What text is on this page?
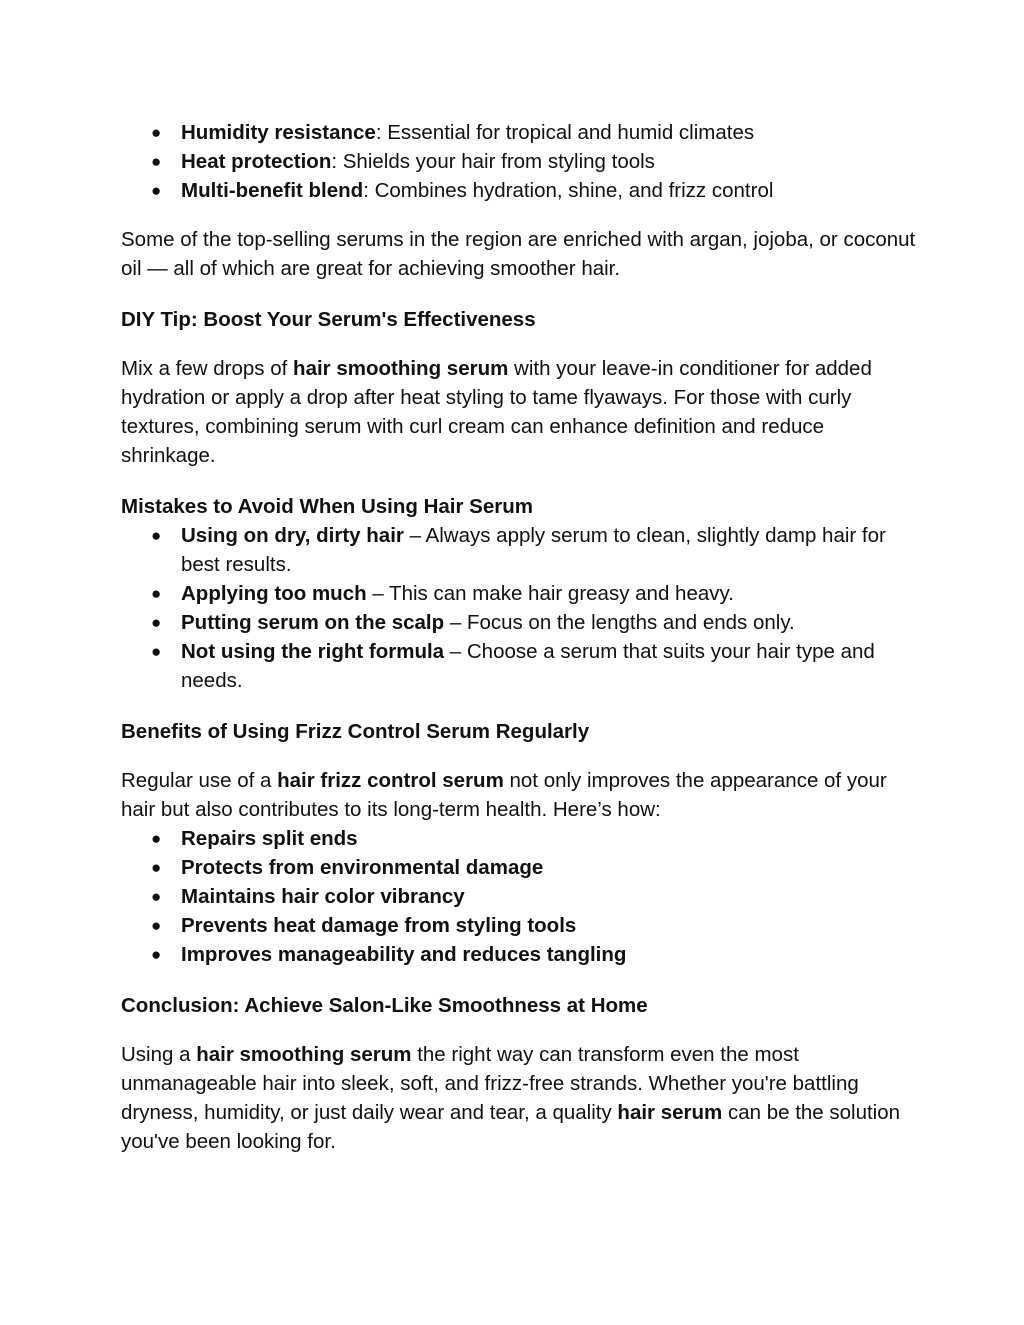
● Humidity resistance: Essential for tropical and humid climates
● Heat protection: Shields your hair from styling tools
● Multi-benefit blend: Combines hydration, shine, and frizz control

Some of the top-selling serums in the region are enriched with argan, jojoba, or coconut oil — all of which are great for achieving smoother hair.

DIY Tip: Boost Your Serum's Effectiveness

Mix a few drops of hair smoothing serum with your leave-in conditioner for added hydration or apply a drop after heat styling to tame flyaways. For those with curly textures, combining serum with curl cream can enhance definition and reduce shrinkage.

Mistakes to Avoid When Using Hair Serum
● Using on dry, dirty hair – Always apply serum to clean, slightly damp hair for best results.
● Applying too much – This can make hair greasy and heavy.
● Putting serum on the scalp – Focus on the lengths and ends only.
● Not using the right formula – Choose a serum that suits your hair type and needs.
Benefits of Using Frizz Control Serum Regularly

Regular use of a hair frizz control serum not only improves the appearance of your hair but also contributes to its long-term health. Here’s how:

● Repairs split ends
● Protects from environmental damage
● Maintains hair color vibrancy
● Prevents heat damage from styling tools
● Improves manageability and reduces tangling
Conclusion: Achieve Salon-Like Smoothness at Home

Using a hair smoothing serum the right way can transform even the most unmanageable hair into sleek, soft, and frizz-free strands. Whether you're battling dryness, humidity, or just daily wear and tear, a quality hair serum can be the solution you've been looking for.
